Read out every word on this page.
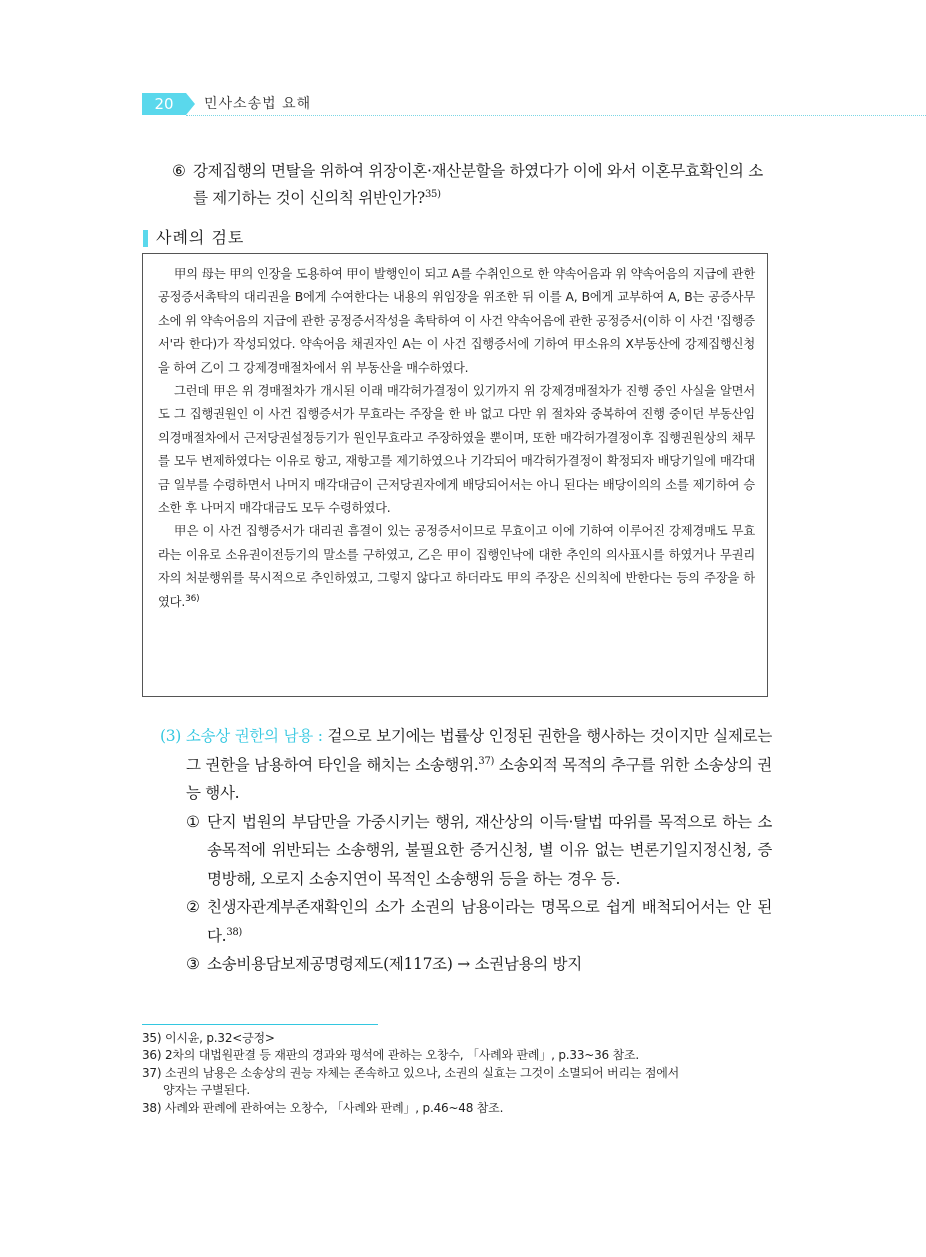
20	민사소송법 요해
⑥ 강제집행의 면탈을 위하여 위장이혼·재산분할을 하였다가 이에 와서 이혼무효확인의 소를 제기하는 것이 신의칙 위반인가?$^{35)}$
사례의 검토

甲의 母는 甲의 인장을 도용하여 甲이 발행인이 되고 A를 수취인으로 한 약속어음과 위 약속어음의 지급에 관한 공정증서촉탁의 대리권을 B에게 수여한다는 내용의 위임장을 위조한 뒤 이를 A, B에게 교부하여 A, B는 공증사무소에 위 약속어음의 지급에 관한 공정증서작성을 촉탁하여 이 사건 약속어음에 관한 공정증서(이하 이 사건 '집행증서'라 한다)가 작성되었다. 약속어음 채권자인 A는 이 사건 집행증서에 기하여 甲소유의 X부동산에 강제집행신청을 하여 乙이 그 강제경매절차에서 위 부동산을 매수하였다.

그런데 甲은 위 경매절차가 개시된 이래 매각허가결정이 있기까지 위 강제경매절차가 진행 중인 사실을 알면서도 그 집행권원인 이 사건 집행증서가 무효라는 주장을 한 바 없고 다만 위 절차와 중복하여 진행 중이던 부동산임의경매절차에서 근저당권설정등기가 원인무효라고 주장하였을 뿐이며, 또한 매각허가결정이후 집행권원상의 채무를 모두 변제하였다는 이유로 항고, 재항고를 제기하였으나 기각되어 매각허가결정이 확정되자 배당기일에 매각대금 일부를 수령하면서 나머지 매각대금이 근저당권자에게 배당되어서는 아니 된다는 배당이의의 소를 제기하여 승소한 후 나머지 매각대금도 모두 수령하였다.

甲은 이 사건 집행증서가 대리권 흠결이 있는 공정증서이므로 무효이고 이에 기하여 이루어진 강제경매도 무효라는 이유로 소유권이전등기의 말소를 구하였고, 乙은 甲이 집행인낙에 대한 추인의 의사표시를 하였거나 무권리자의 처분행위를 묵시적으로 추인하였고, 그렇지 않다고 하더라도 甲의 주장은 신의칙에 반한다는 등의 주장을 하였다.$^{36)}$

(3) 소송상 권한의 남용 : 겉으로 보기에는 법률상 인정된 권한을 행사하는 것이지만 실제로는 그 권한을 남용하여 타인을 해치는 소송행위.$^{37)}$ 소송외적 목적의 추구를 위한 소송상의 권능 행사.
① 단지 법원의 부담만을 가중시키는 행위, 재산상의 이득·탈법 따위를 목적으로 하는 소송목적에 위반되는 소송행위, 불필요한 증거신청, 별 이유 없는 변론기일지정신청, 증명방해, 오로지 소송지연이 목적인 소송행위 등을 하는 경우 등.
② 친생자관계부존재확인의 소가 소권의 남용이라는 명목으로 쉽게 배척되어서는 안 된다.$^{38)}$
③ 소송비용담보제공명령제도(제117조) → 소권남용의 방지
35) 이시윤, p.32<긍정>
36) 2차의 대법원판결 등 재판의 경과와 평석에 관하는 오창수, 「사례와 판례」, p.33~36 참조.
37) 소권의 남용은 소송상의 권능 자체는 존속하고 있으나, 소권의 실효는 그것이 소멸되어 버리는 점에서
양자는 구별된다.
38) 사례와 판례에 관하여는 오창수, 「사례와 판례」, p.46~48 참조.
